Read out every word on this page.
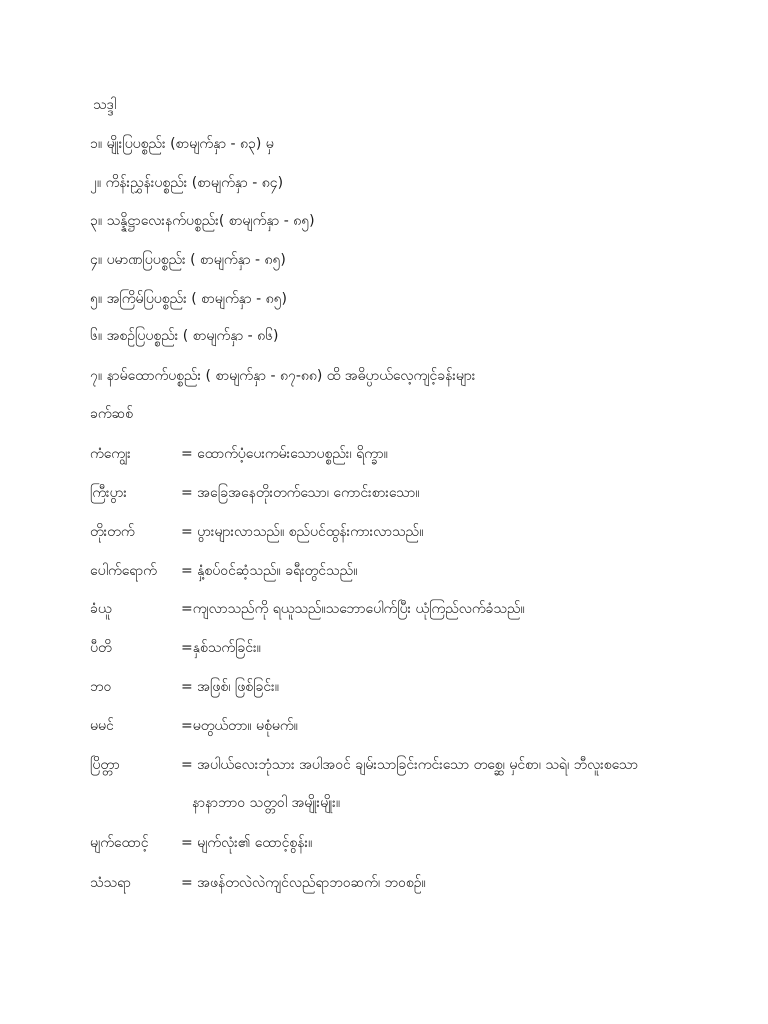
သဒ္ဒါ
၁။ မျိုးပြပစ္စည်း (စာမျက်နှာ - ၈၃) မှ
၂။ ကိန်းညွှန်းပစ္စည်း (စာမျက်နှာ - ၈၄)
၃။ သန္နိဋ္ဌာလေးနက်ပစ္စည်း( စာမျက်နှာ - ၈၅)
၄။ ပမာဏပြပစ္စည်း ( စာမျက်နှာ - ၈၅)
၅။ အကြိမ်ပြပစ္စည်း ( စာမျက်နှာ - ၈၅)
၆။ အစဉ်ပြပစ္စည်း ( စာမျက်နှာ - ၈၆)
၇။ နာမ်ထောက်ပစ္စည်း ( စာမျက်နှာ - ၈၇-၈၈) ထိ အဓိပ္ပာယ်လေ့ကျင့်ခန်းများ
ခက်ဆစ်
ကံကျွေး	= ထောက်ပံ့ပေးကမ်းသောပစ္စည်း၊ ရိက္ခာ။
ကြီးပွား	= အခြေအနေတိုးတက်သော၊ ကောင်းစားသော။
တိုးတက်	= ပွားများလာသည်။ စည်ပင်ထွန်းကားလာသည်။
ပေါက်ရောက် = နှံ့စပ်ဝင်ဆံ့သည်။ ခရီးတွင်သည်။
ခံယူ	=ကျလာသည်ကို ရယူသည်။သဘောပေါက်ပြီး ယုံကြည်လက်ခံသည်။
ပီတိ	=နှစ်သက်ခြင်း။
ဘဝ	= အဖြစ်၊ ဖြစ်ခြင်း။
မမင်	=မတွယ်တာ။ မစုံမက်။
ပြိတ္တာ	= အပါယ်လေးဘုံသား အပါအဝင် ချမ်းသာခြင်းကင်းသော တစ္ဆေ၊ မှင်စာ၊ သရဲ၊ ဘီလူးစသော
နာနာဘာဝ သတ္တဝါ အမျိုးမျိုး။
မျက်ထောင့် = မျက်လုံး၏ ထောင့်စွန်း။
သံသရာ	= အဖန်တလဲလဲကျင်လည်ရာဘဝဆက်၊ ဘဝစဉ်။
